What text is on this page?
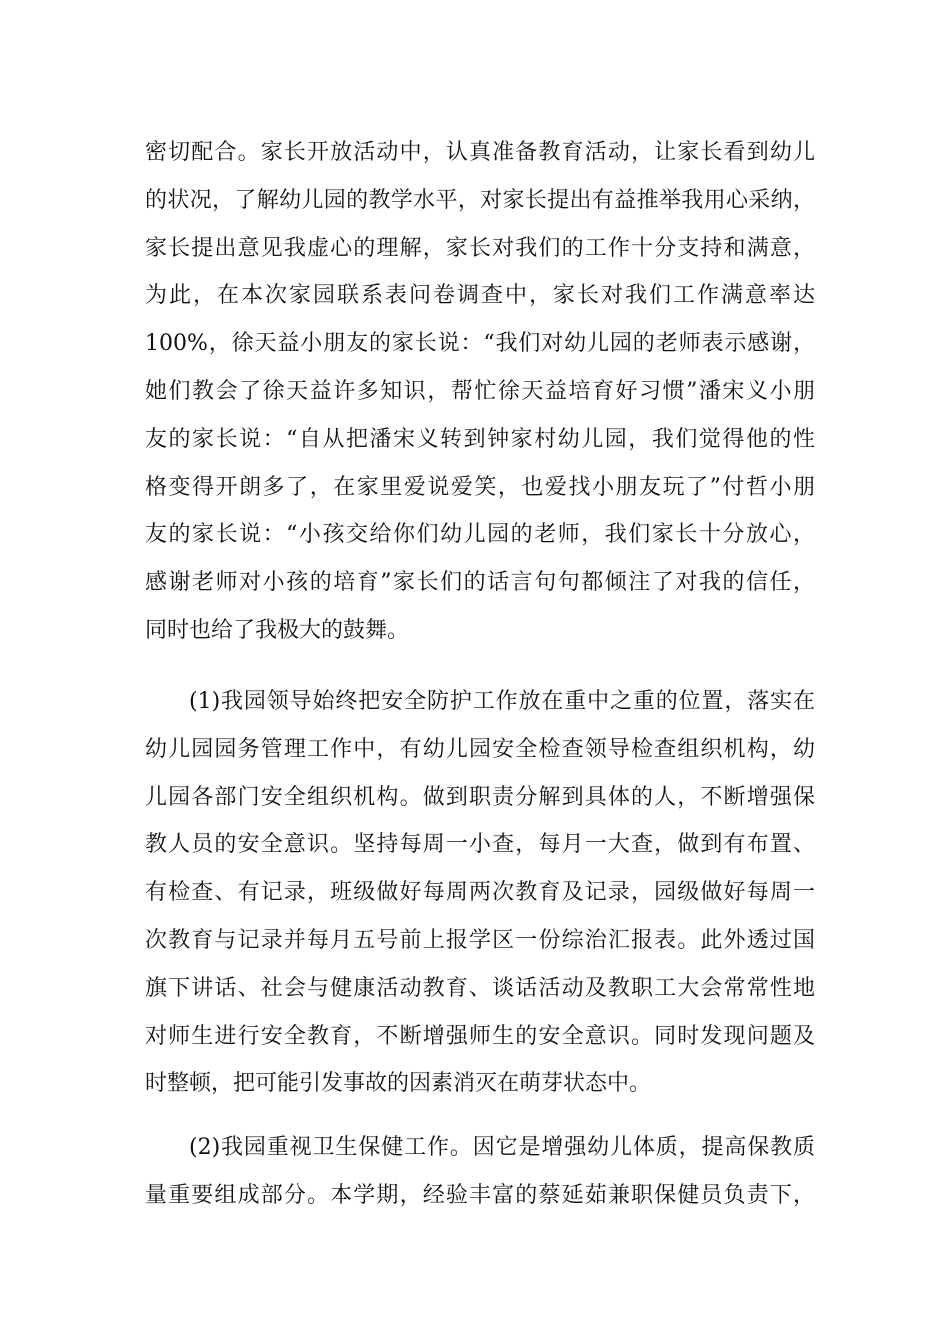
密切配合。家长开放活动中，认真准备教育活动，让家长看到幼儿
的状况，了解幼儿园的教学水平，对家长提出有益推举我用心采纳，
家长提出意见我虚心的理解，家长对我们的工作十分支持和满意，
为此，在本次家园联系表问卷调查中，家长对我们工作满意率达
100%，徐天益小朋友的家长说：“我们对幼儿园的老师表示感谢，
她们教会了徐天益许多知识，帮忙徐天益培育好习惯”潘宋义小朋
友的家长说：“自从把潘宋义转到钟家村幼儿园，我们觉得他的性
格变得开朗多了，在家里爱说爱笑，也爱找小朋友玩了”付哲小朋
友的家长说：“小孩交给你们幼儿园的老师，我们家长十分放心，
感谢老师对小孩的培育”家长们的话言句句都倾注了对我的信任，
同时也给了我极大的鼓舞。
(1)我园领导始终把安全防护工作放在重中之重的位置，落实在
幼儿园园务管理工作中，有幼儿园安全检查领导检查组织机构，幼
儿园各部门安全组织机构。做到职责分解到具体的人，不断增强保
教人员的安全意识。坚持每周一小查，每月一大查，做到有布置、
有检查、有记录，班级做好每周两次教育及记录，园级做好每周一
次教育与记录并每月五号前上报学区一份综治汇报表。此外透过国
旗下讲话、社会与健康活动教育、谈话活动及教职工大会常常性地
对师生进行安全教育，不断增强师生的安全意识。同时发现问题及
时整顿，把可能引发事故的因素消灭在萌芽状态中。
(2)我园重视卫生保健工作。因它是增强幼儿体质，提高保教质
量重要组成部分。本学期，经验丰富的蔡延茹兼职保健员负责下，
